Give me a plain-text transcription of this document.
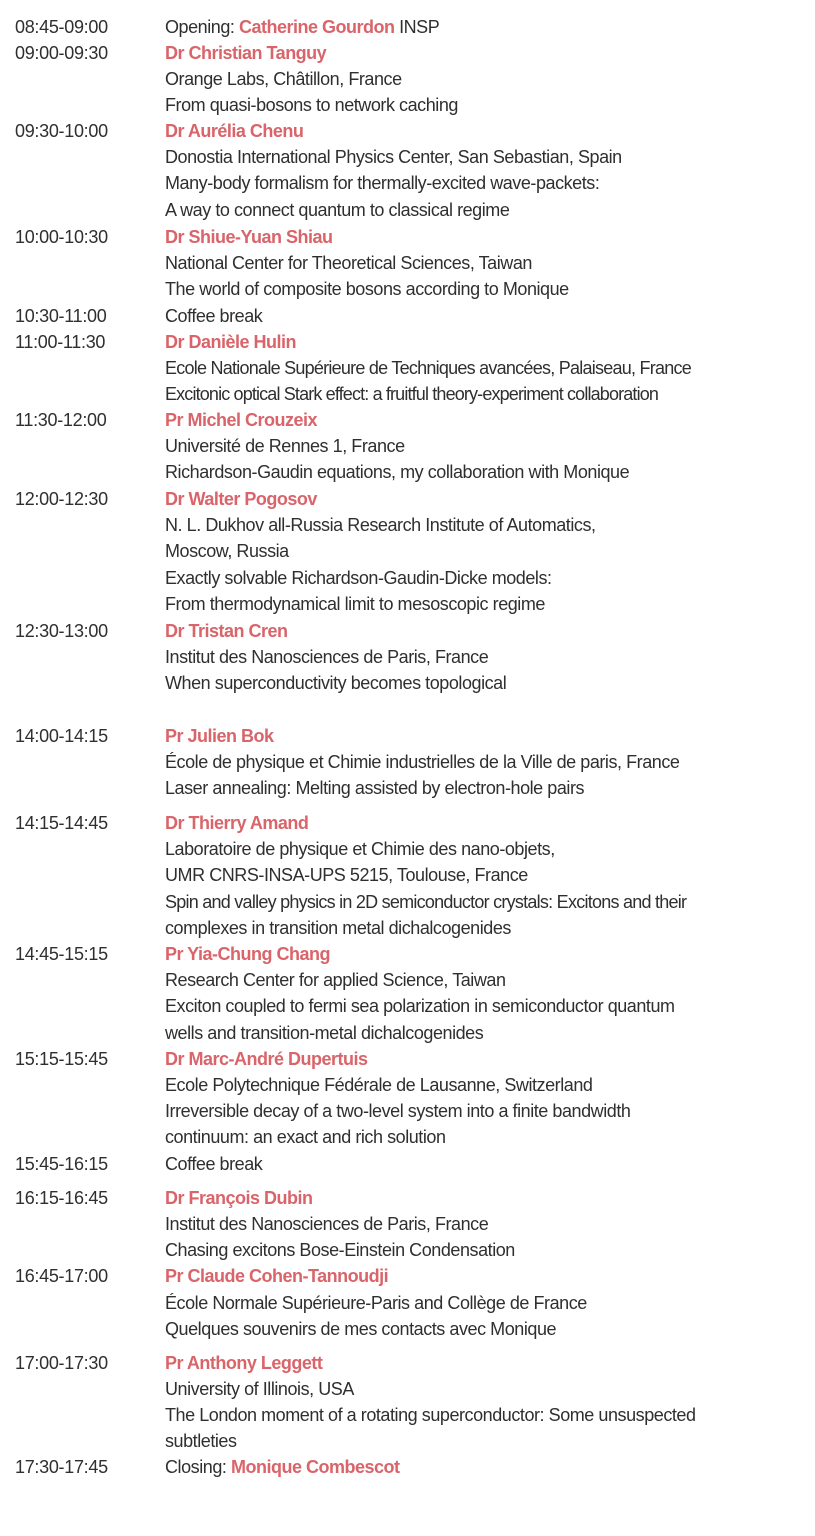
08:45-09:00	Opening: Catherine Gourdon INSP
09:00-09:30	Dr Christian Tanguy
Orange Labs, Châtillon, France
From quasi-bosons to network caching
09:30-10:00	Dr Aurélia Chenu
Donostia International Physics Center, San Sebastian, Spain
Many-body formalism for thermally-excited wave-packets:
A way to connect quantum to classical regime
10:00-10:30	Dr Shiue-Yuan Shiau
National Center for Theoretical Sciences, Taiwan
The world of composite bosons according to Monique
10:30-11:00	Coffee break
11:00-11:30	Dr Danièle Hulin
Ecole Nationale Supérieure de Techniques avancées, Palaiseau, France
Excitonic optical Stark effect: a fruitful theory-experiment collaboration
11:30-12:00	Pr Michel Crouzeix
Université de Rennes 1, France
Richardson-Gaudin equations, my collaboration with Monique
12:00-12:30	Dr Walter Pogosov
N. L. Dukhov all-Russia Research Institute of Automatics,
Moscow, Russia
Exactly solvable Richardson-Gaudin-Dicke models:
From thermodynamical limit to mesoscopic regime
12:30-13:00	Dr Tristan Cren
Institut des Nanosciences de Paris, France
When superconductivity becomes topological
14:00-14:15	Pr Julien Bok
École de physique et Chimie industrielles de la Ville de paris, France
Laser annealing: Melting assisted by electron-hole pairs
14:15-14:45	Dr Thierry Amand
Laboratoire de physique et Chimie des nano-objets,
UMR CNRS-INSA-UPS 5215, Toulouse, France
Spin and valley physics in 2D semiconductor crystals: Excitons and their
complexes in transition metal dichalcogenides
14:45-15:15	Pr Yia-Chung Chang
Research Center for applied Science, Taiwan
Exciton coupled to fermi sea polarization in semiconductor quantum
wells and transition-metal dichalcogenides
15:15-15:45	Dr Marc-André Dupertuis
Ecole Polytechnique Fédérale de Lausanne, Switzerland
Irreversible decay of a two-level system into a finite bandwidth
continuum: an exact and rich solution
15:45-16:15	Coffee break
16:15-16:45	Dr François Dubin
Institut des Nanosciences de Paris, France
Chasing excitons Bose-Einstein Condensation
16:45-17:00	Pr Claude Cohen-Tannoudji
École Normale Supérieure-Paris and Collège de France
Quelques souvenirs de mes contacts avec Monique
17:00-17:30	Pr Anthony Leggett
University of Illinois, USA
The London moment of a rotating superconductor: Some unsuspected
subtleties
17:30-17:45	Closing: Monique Combescot
